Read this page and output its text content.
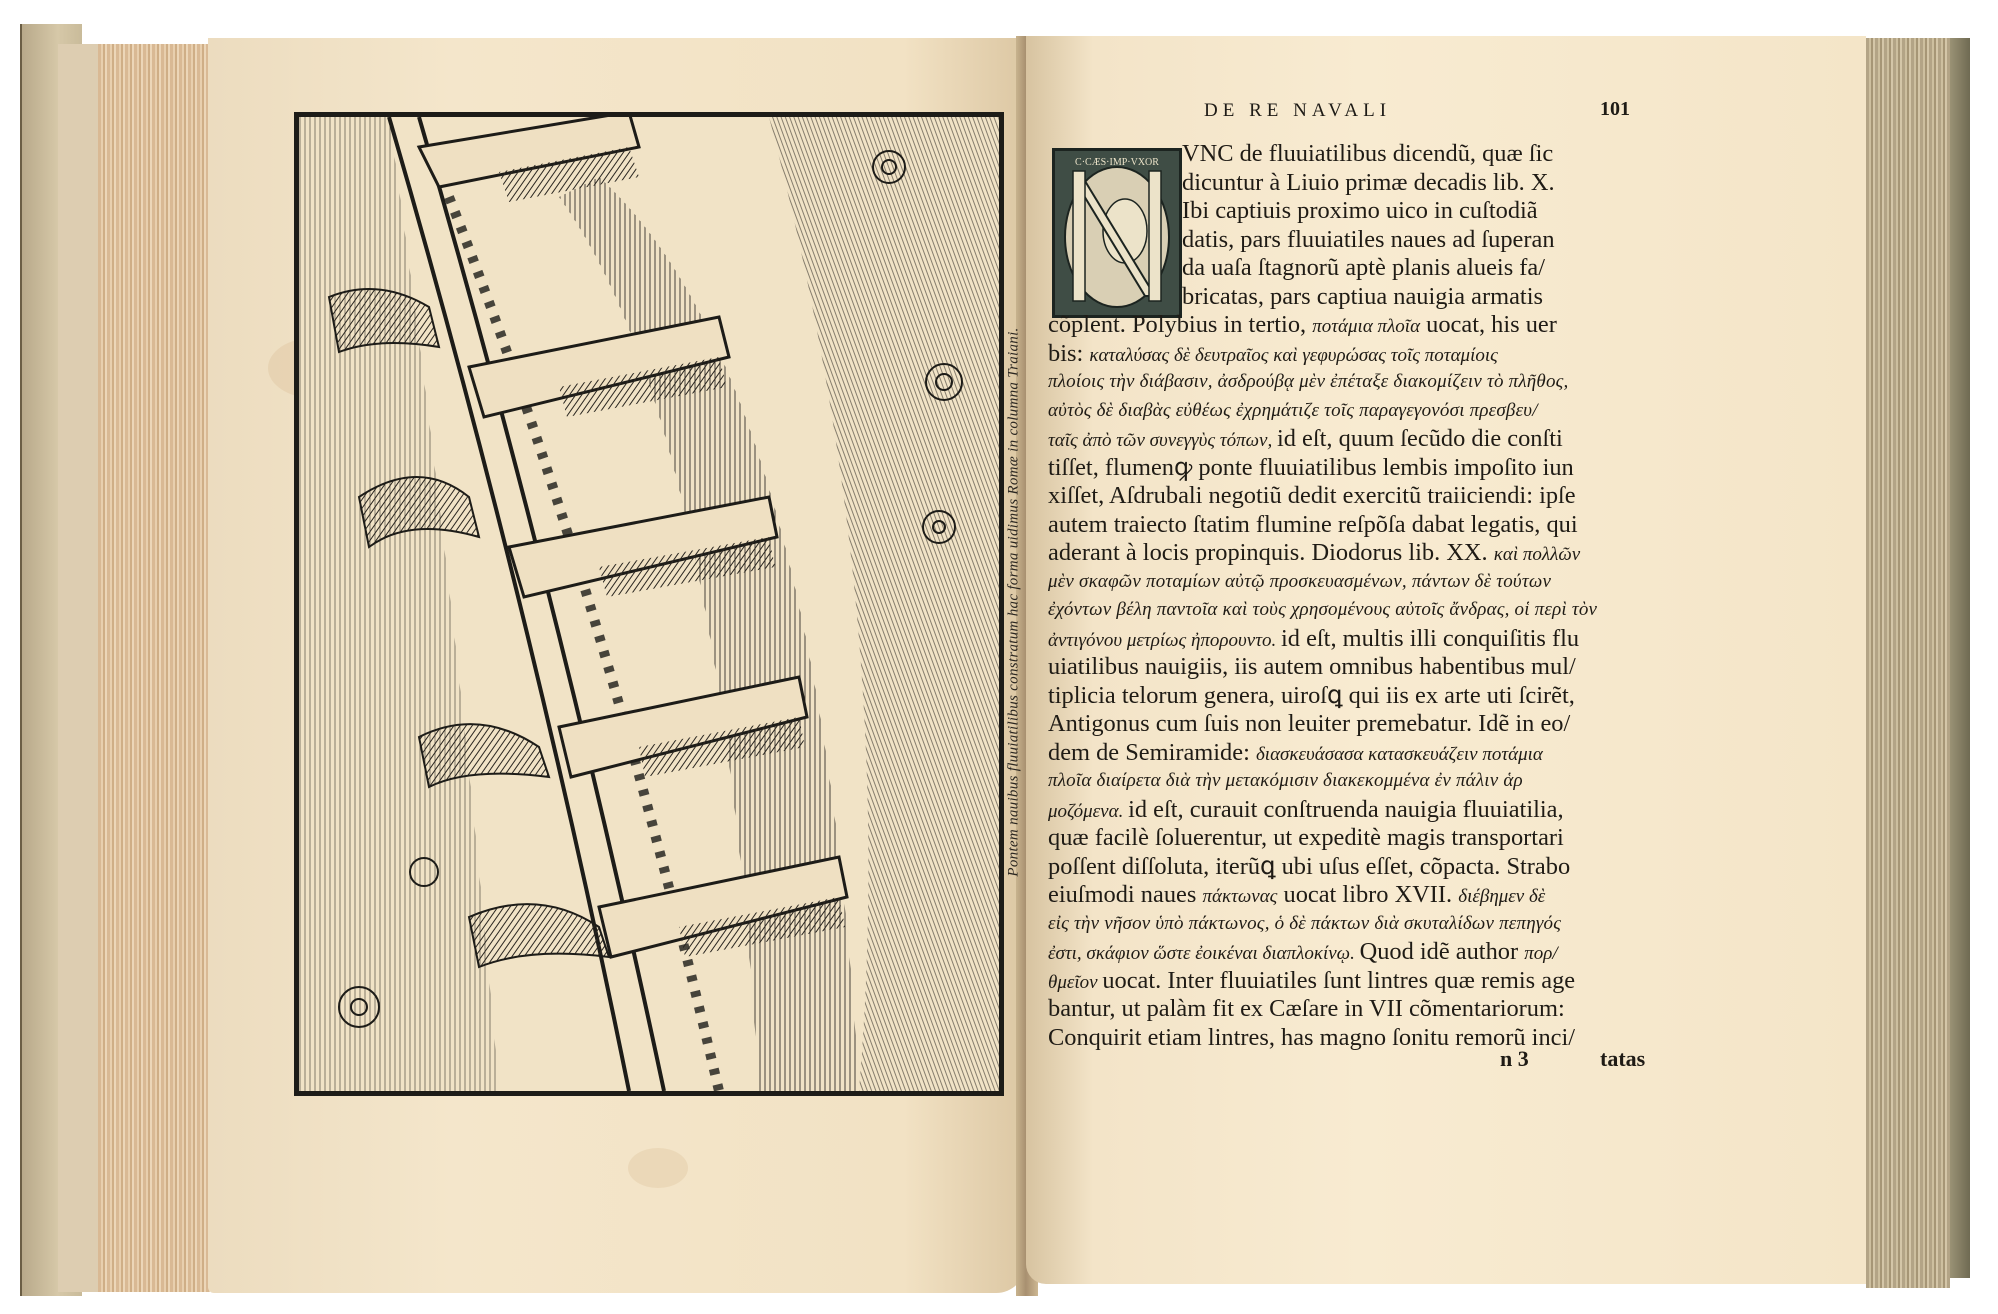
Pontem nauibus fluuiatilibus constratum hac forma uidimus Romæ in columna Traiani.
DE RE NAVALI	101
C·CÆS·IMP·VXOR VNC de fluuiatilibus dicendũ, quæ ſic
dicuntur à Liuio primæ decadis lib. X.
Ibi captiuis proximo uico in cuſtodiã
datis, pars fluuiatiles naues ad ſuperan
da uaſa ſtagnorũ aptè planis alueis fa/
bricatas, pars captiua nauigia armatis
cõplent. Polybius in tertio, ποτάμια πλοῖα uocat, his uer
bis: καταλύσας δὲ δευτραῖος καὶ γεφυρώσας τοῖς ποταμίοις
πλοίοις τὴν διάβασιν, ἀσδρούβᾳ μὲν ἐπέταξε διακομίζειν τὸ πλῆθος,
αὐτὸς δὲ διαβὰς εὐθέως ἐχρημάτιζε τοῖς παραγεγονόσι πρεσβευ/
ταῖς ἀπὸ τῶν συνεγγὺς τόπων, id eſt, quum ſecũdo die conſti
tiſſet, flumenꝙ ponte fluuiatilibus lembis impoſito iun
xiſſet, Aſdrubali negotiũ dedit exercitũ traiiciendi: ipſe
autem traiecto ſtatim flumine reſpõſa dabat legatis, qui
aderant à locis propinquis. Diodorus lib. XX. καὶ πολλῶν
μὲν σκαφῶν ποταμίων αὐτῷ προσκευασμένων, πάντων δὲ τούτων
ἐχόντων βέλη παντοῖα καὶ τοὺς χρησομένους αὐτοῖς ἄνδρας, οἱ περὶ τὸν
ἀντιγόνου μετρίως ἠπορουντο. id eſt, multis illi conquiſitis flu
uiatilibus nauigiis, iis autem omnibus habentibus mul/
tiplicia telorum genera, uiroſꝗ qui iis ex arte uti ſcirẽt,
Antigonus cum ſuis non leuiter premebatur. Idẽ in eo/
dem de Semiramide: διασκευάσασα κατασκευάζειν ποτάμια
πλοῖα διαίρετα διὰ τὴν μετακόμισιν διακεκομμένα ἐν πάλιν ἁρ
μοζόμενα. id eſt, curauit conſtruenda nauigia fluuiatilia,
quæ facilè ſoluerentur, ut expeditè magis transportari
poſſent diſſoluta, iterũꝗ ubi uſus eſſet, cõpacta. Strabo
eiuſmodi naues πάκτωνας uocat libro XVII. διέβημεν δὲ
εἰς τὴν νῆσον ὑπὸ πάκτωνος, ὁ δὲ πάκτων διὰ σκυταλίδων πεπηγός
ἐστι, σκάφιον ὥστε ἐοικέναι διαπλοκίνῳ. Quod idẽ author πορ/
θμεῖον uocat. Inter fluuiatiles ſunt lintres quæ remis age
bantur, ut palàm fit ex Cæſare in VII cõmentariorum:
Conquirit etiam lintres, has magno ſonitu remorũ inci/
n 3	tatas
